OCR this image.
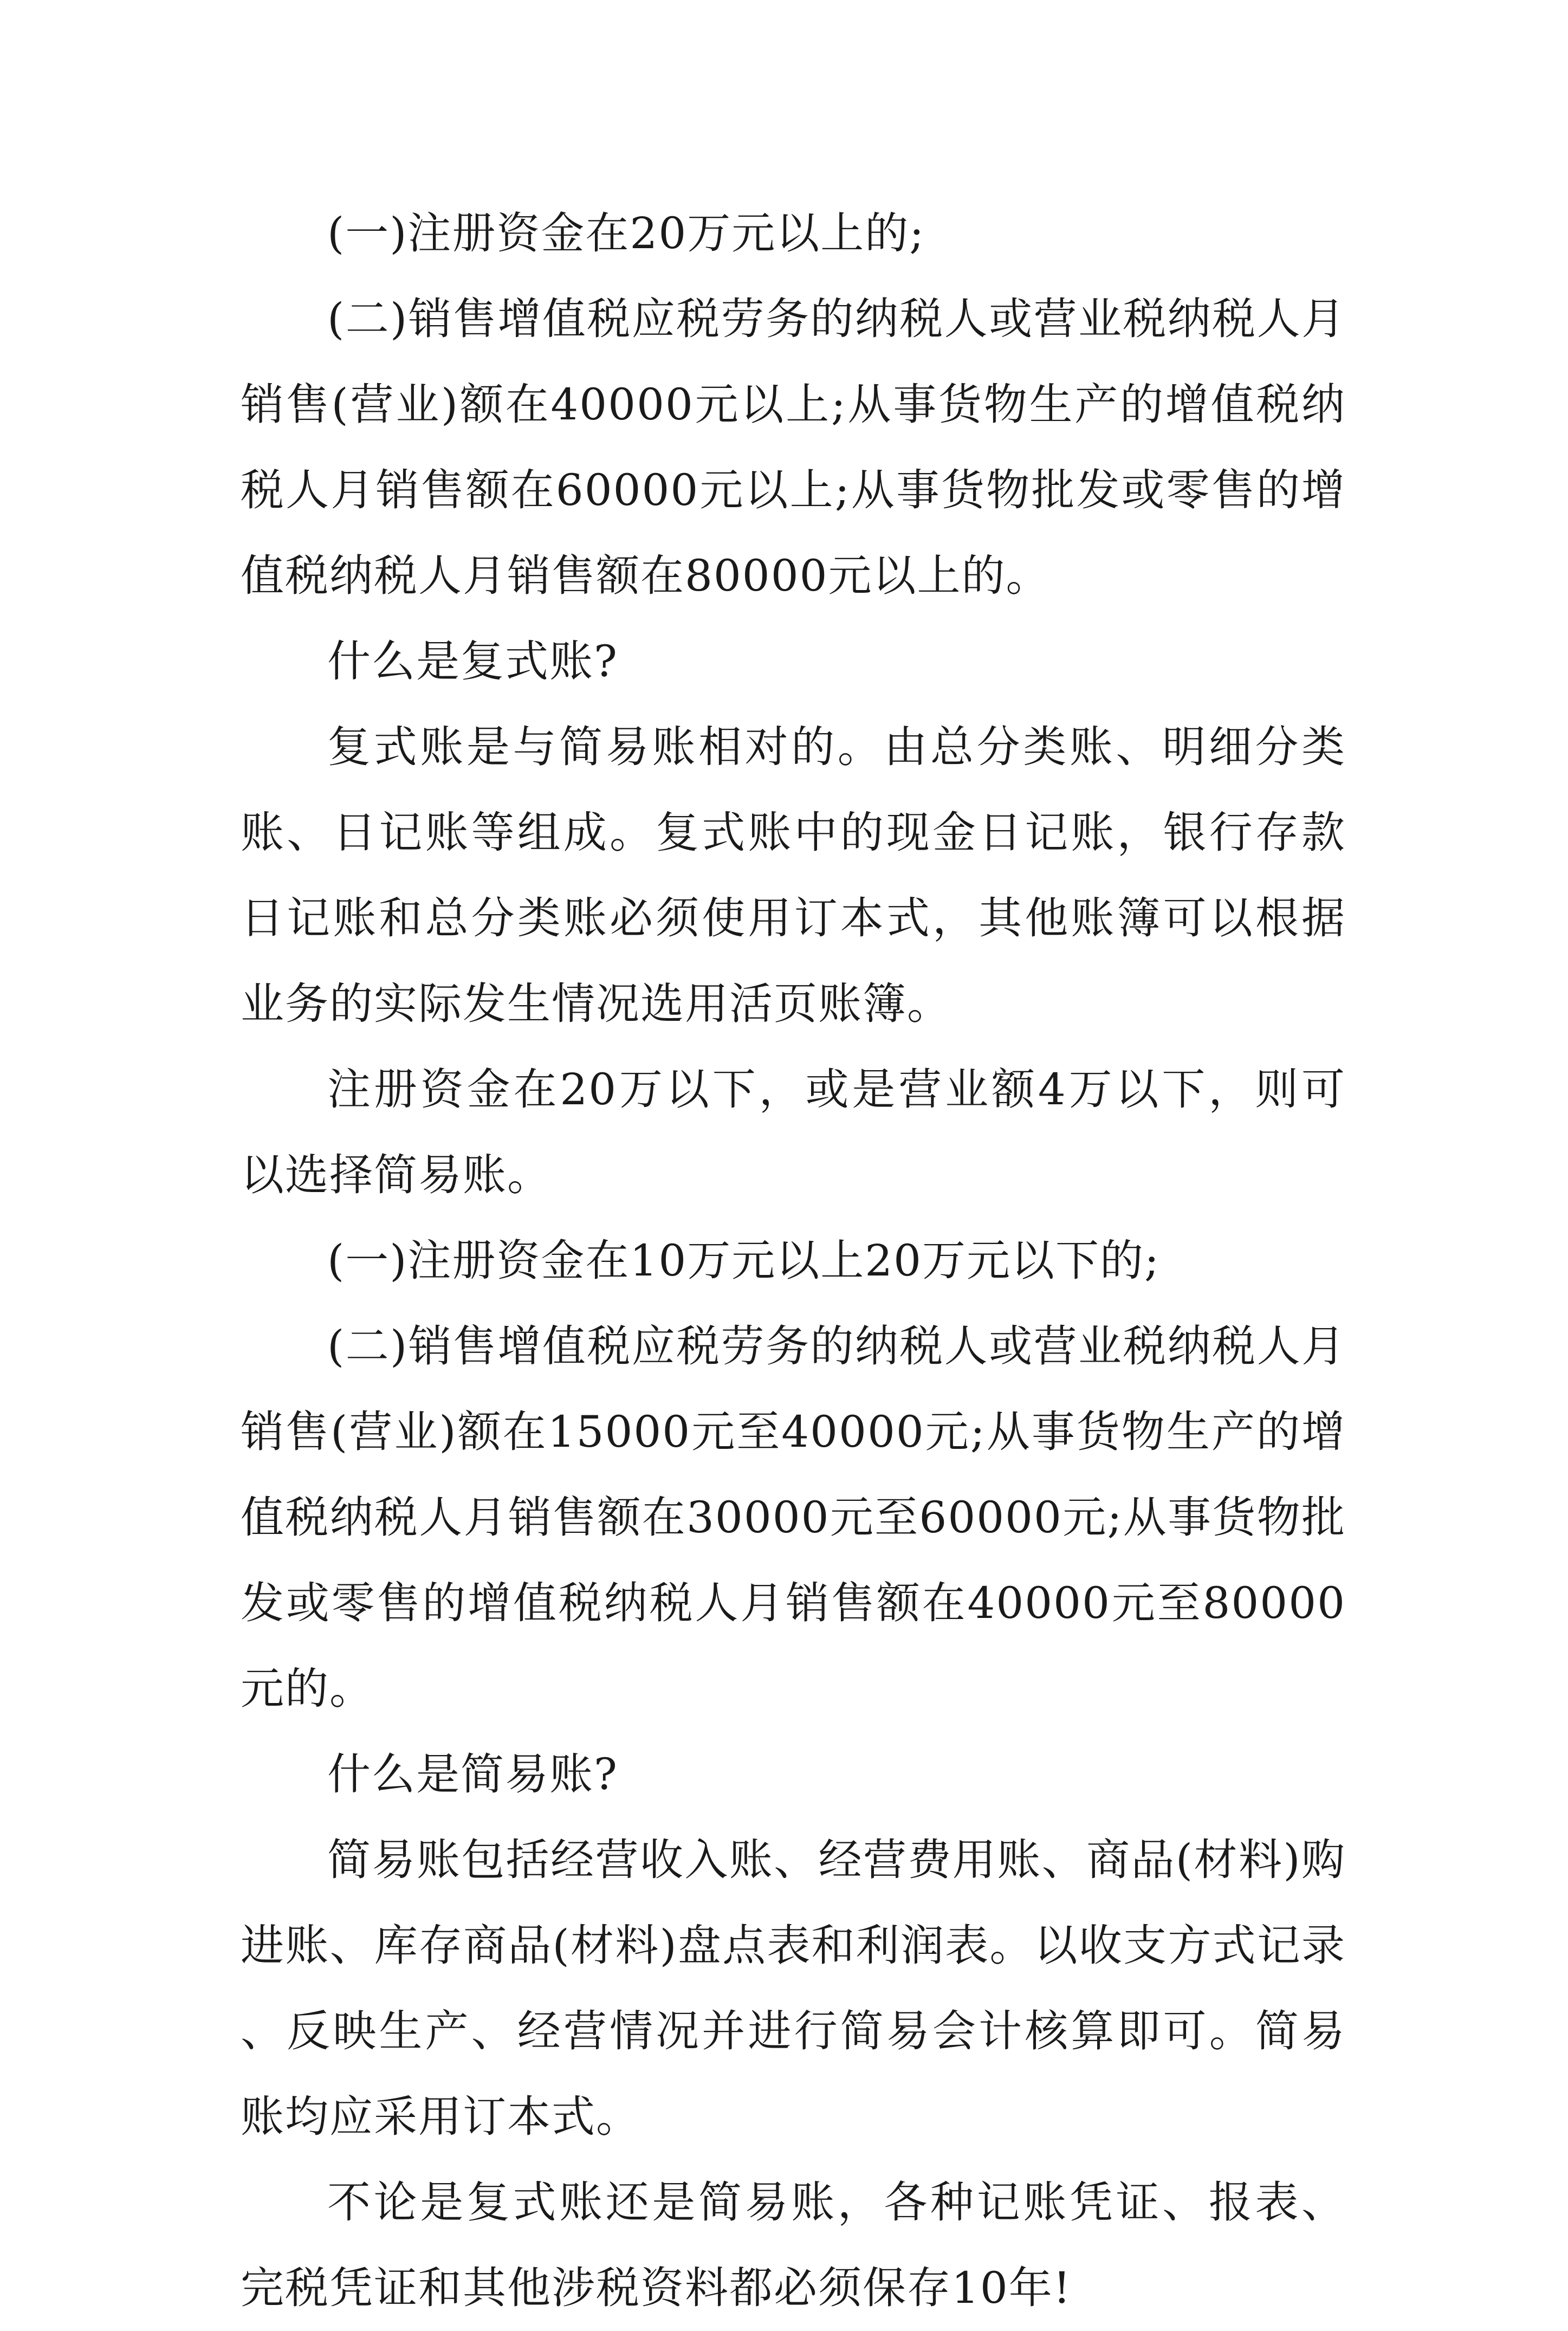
(一)注册资金在20万元以上的;

(二)销售增值税应税劳务的纳税人或营业税纳税人月销售(营业)额在40000元以上;从事货物生产的增值税纳税人月销售额在60000元以上;从事货物批发或零售的增值税纳税人月销售额在80000元以上的。

什么是复式账?

复式账是与简易账相对的。由总分类账、明细分类账、日记账等组成。复式账中的现金日记账，银行存款日记账和总分类账必须使用订本式，其他账簿可以根据业务的实际发生情况选用活页账簿。

注册资金在20万以下，或是营业额4万以下，则可以选择简易账。

(一)注册资金在10万元以上20万元以下的;

(二)销售增值税应税劳务的纳税人或营业税纳税人月销售(营业)额在15000元至40000元;从事货物生产的增值税纳税人月销售额在30000元至60000元;从事货物批发或零售的增值税纳税人月销售额在40000元至80000元的。

什么是简易账?

简易账包括经营收入账、经营费用账、商品(材料)购进账、库存商品(材料)盘点表和利润表。以收支方式记录、反映生产、经营情况并进行简易会计核算即可。简易账均应采用订本式。

不论是复式账还是简易账，各种记账凭证、报表、完税凭证和其他涉税资料都必须保存10年!
